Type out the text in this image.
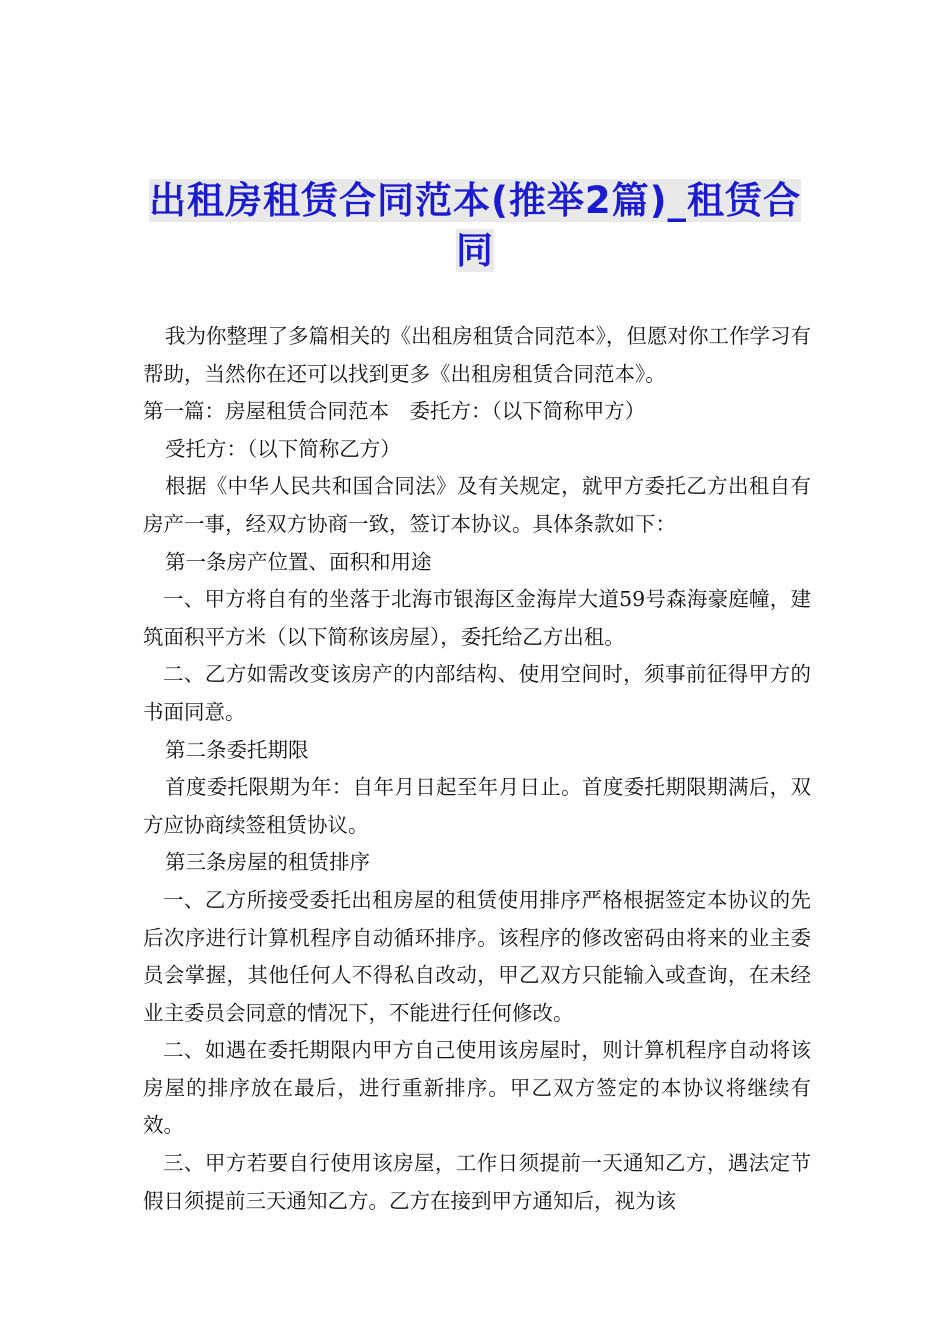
出租房租赁合同范本(推举2篇)_租赁合同

我为你整理了多篇相关的《出租房租赁合同范本》，但愿对你工作学习有帮助，当然你在还可以找到更多《出租房租赁合同范本》。

第一篇：房屋租赁合同范本　委托方：（以下简称甲方）

受托方：（以下简称乙方）

根据《中华人民共和国合同法》及有关规定，就甲方委托乙方出租自有房产一事，经双方协商一致，签订本协议。具体条款如下：

第一条房产位置、面积和用途

一、甲方将自有的坐落于北海市银海区金海岸大道59号森海豪庭幢，建筑面积平方米（以下简称该房屋），委托给乙方出租。

二、乙方如需改变该房产的内部结构、使用空间时，须事前征得甲方的书面同意。

第二条委托期限

首度委托限期为年：自年月日起至年月日止。首度委托期限期满后，双方应协商续签租赁协议。

第三条房屋的租赁排序

一、乙方所接受委托出租房屋的租赁使用排序严格根据签定本协议的先后次序进行计算机程序自动循环排序。该程序的修改密码由将来的业主委员会掌握，其他任何人不得私自改动，甲乙双方只能输入或查询，在未经业主委员会同意的情况下，不能进行任何修改。

二、如遇在委托期限内甲方自己使用该房屋时，则计算机程序自动将该房屋的排序放在最后，进行重新排序。甲乙双方签定的本协议将继续有效。

三、甲方若要自行使用该房屋，工作日须提前一天通知乙方，遇法定节假日须提前三天通知乙方。乙方在接到甲方通知后，视为该
